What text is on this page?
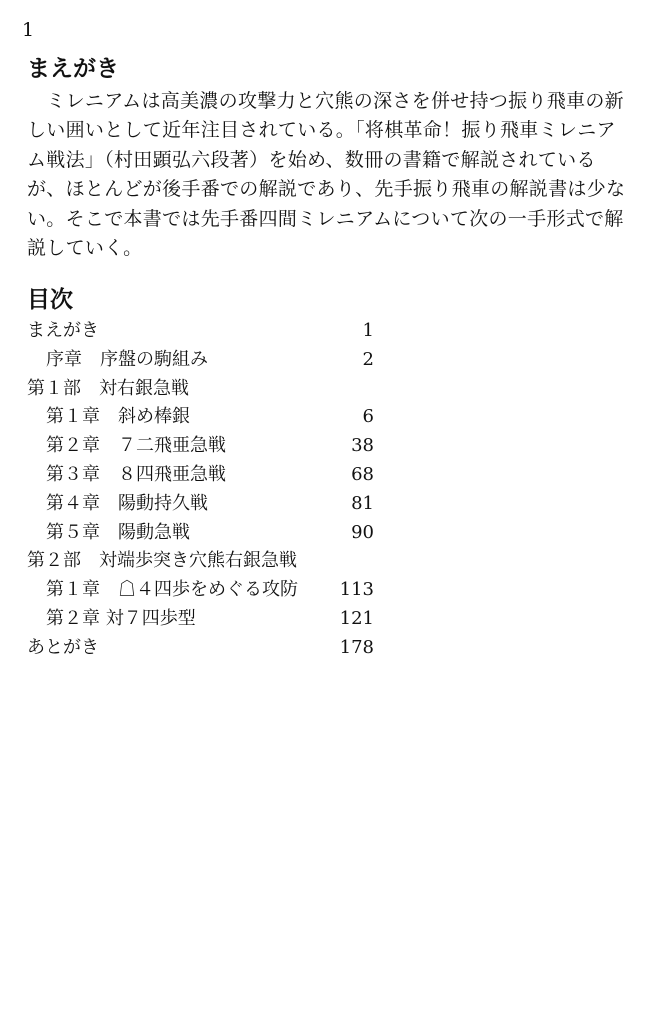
1
まえがき
　ミレニアムは高美濃の攻撃力と穴熊の深さを併せ持つ振り飛車の新
しい囲いとして近年注目されている。「将棋革命！振り飛車ミレニア
ム戦法」（村田顕弘六段著）を始め、数冊の書籍で解説されている
が、ほとんどが後手番での解説であり、先手振り飛車の解説書は少な
い。そこで本書では先手番四間ミレニアムについて次の一手形式で解
説していく。
目次
まえがき	1
序章　序盤の駒組み	2
第１部　対右銀急戦
第１章　斜め棒銀	6
第２章　７二飛亜急戦	38
第３章　８四飛亜急戦	68
第４章　陽動持久戦	81
第５章　陽動急戦	90
第２部　対端歩突き穴熊右銀急戦
第１章　☖４四歩をめぐる攻防 113
第２章 対７四歩型	121
あとがき	178
